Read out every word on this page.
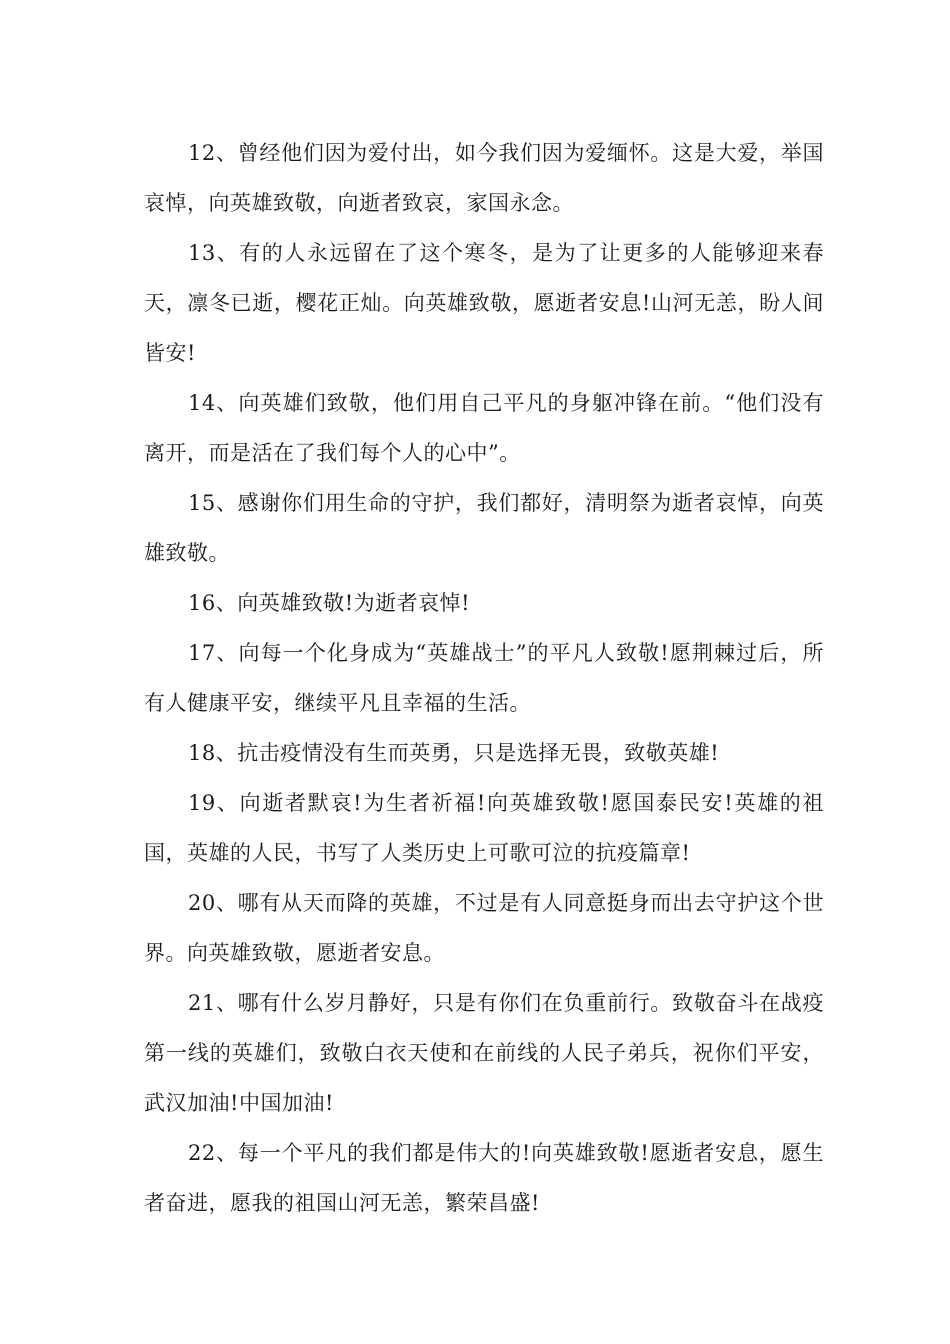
12、曾经他们因为爱付出，如今我们因为爱缅怀。这是大爱，举国哀悼，向英雄致敬，向逝者致哀，家国永念。

13、有的人永远留在了这个寒冬，是为了让更多的人能够迎来春天，凛冬已逝，樱花正灿。向英雄致敬，愿逝者安息!山河无恙，盼人间皆安!

14、向英雄们致敬，他们用自己平凡的身躯冲锋在前。“他们没有离开，而是活在了我们每个人的心中”。

15、感谢你们用生命的守护，我们都好，清明祭为逝者哀悼，向英雄致敬。

16、向英雄致敬!为逝者哀悼!

17、向每一个化身成为“英雄战士”的平凡人致敬!愿荆棘过后，所有人健康平安，继续平凡且幸福的生活。

18、抗击疫情没有生而英勇，只是选择无畏，致敬英雄!

19、向逝者默哀!为生者祈福!向英雄致敬!愿国泰民安!英雄的祖国，英雄的人民，书写了人类历史上可歌可泣的抗疫篇章!

20、哪有从天而降的英雄，不过是有人同意挺身而出去守护这个世界。向英雄致敬，愿逝者安息。

21、哪有什么岁月静好，只是有你们在负重前行。致敬奋斗在战疫第一线的英雄们，致敬白衣天使和在前线的人民子弟兵，祝你们平安，武汉加油!中国加油!

22、每一个平凡的我们都是伟大的!向英雄致敬!愿逝者安息，愿生者奋进，愿我的祖国山河无恙，繁荣昌盛!
